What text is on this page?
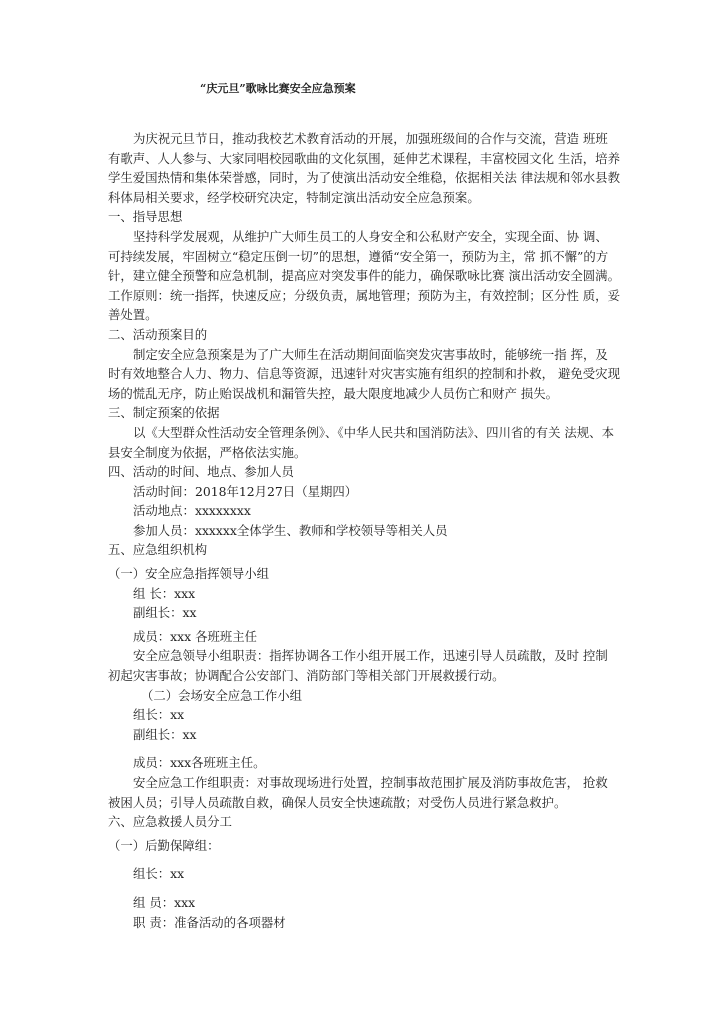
“庆元旦”歌咏比赛安全应急预案

为庆祝元旦节日，推动我校艺术教育活动的开展，加强班级间的合作与交流，营造 班班有歌声、人人参与、大家同唱校园歌曲的文化氛围，延伸艺术课程，丰富校园文化 生活，培养学生爱国热情和集体荣誉感，同时，为了使演出活动安全维稳，依据相关法 律法规和邻水县教科体局相关要求，经学校研究决定，特制定演出活动安全应急预案。

一、指导思想

坚持科学发展观，从维护广大师生员工的人身安全和公私财产安全，实现全面、协 调、可持续发展，牢固树立“稳定压倒一切”的思想，遵循“安全第一，预防为主，常 抓不懈”的方针，建立健全预警和应急机制，提高应对突发事件的能力，确保歌咏比赛 演出活动安全圆满。

工作原则：统一指挥，快速反应；分级负责，属地管理；预防为主，有效控制；区分性 质，妥善处置。

二、活动预案目的

制定安全应急预案是为了广大师生在活动期间面临突发灾害事故时，能够统一指 挥，及时有效地整合人力、物力、信息等资源，迅速针对灾害实施有组织的控制和扑救， 避免受灾现场的慌乱无序，防止贻误战机和漏管失控，最大限度地减少人员伤亡和财产 损失。

三、制定预案的依据

以《大型群众性活动安全管理条例》、《中华人民共和国消防法》、四川省的有关 法规、本县安全制度为依据，严格依法实施。

四、活动的时间、地点、参加人员

活动时间：2018年12月27日（星期四）

活动地点：xxxxxxxx

参加人员：xxxxxx全体学生、教师和学校领导等相关人员

五、应急组织机构

（一）安全应急指挥领导小组

组 长：xxx

副组长：xx

成员：xxx 各班班主任

安全应急领导小组职责：指挥协调各工作小组开展工作，迅速引导人员疏散，及时 控制初起灾害事故；协调配合公安部门、消防部门等相关部门开展救援行动。

（二）会场安全应急工作小组

组长：xx

副组长：xx

成员：xxx各班班主任。

安全应急工作组职责：对事故现场进行处置，控制事故范围扩展及消防事故危害， 抢救被困人员；引导人员疏散自救，确保人员安全快速疏散；对受伤人员进行紧急救护。

六、应急救援人员分工

（一）后勤保障组：

组长：xx

组 员：xxx

职 责：准备活动的各项器材
